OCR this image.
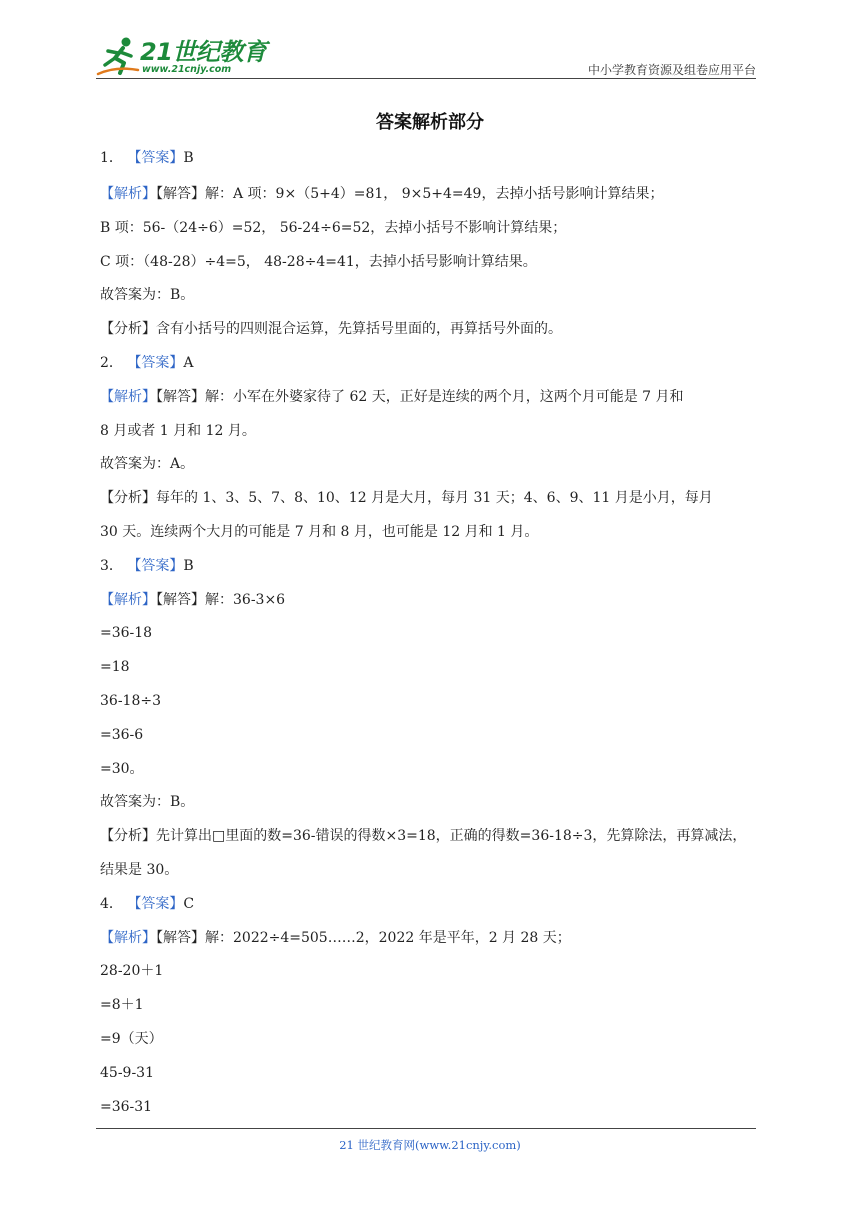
21世纪教育
www.21cnjy.com	中小学教育资源及组卷应用平台
答案解析部分
1． 【答案】B
【解析】【解答】解：A 项：9×（5+4）=81， 9×5+4=49，去掉小括号影响计算结果；
B 项：56-（24÷6）=52， 56-24÷6=52，去掉小括号不影响计算结果；
C 项：（48-28）÷4=5， 48-28÷4=41，去掉小括号影响计算结果。
故答案为：B。
【分析】含有小括号的四则混合运算，先算括号里面的，再算括号外面的。
2． 【答案】A
【解析】【解答】解：小军在外婆家待了 62 天，正好是连续的两个月，这两个月可能是 7 月和
8 月或者 1 月和 12 月。
故答案为：A。
【分析】每年的 1、3、5、7、8、10、12 月是大月，每月 31 天；4、6、9、11 月是小月，每月
30 天。连续两个大月的可能是 7 月和 8 月，也可能是 12 月和 1 月。
3． 【答案】B
【解析】【解答】解：36-3×6
=36-18
=18
36-18÷3
=36-6
=30。
故答案为：B。
【分析】先计算出□里面的数=36-错误的得数×3=18，正确的得数=36-18÷3，先算除法，再算减法，
结果是 30。
4． 【答案】C
【解析】【解答】解：2022÷4=505……2，2022 年是平年，2 月 28 天；
28-20＋1
=8＋1
=9（天）
45-9-31
=36-31
21 世纪教育网(www.21cnjy.com)
